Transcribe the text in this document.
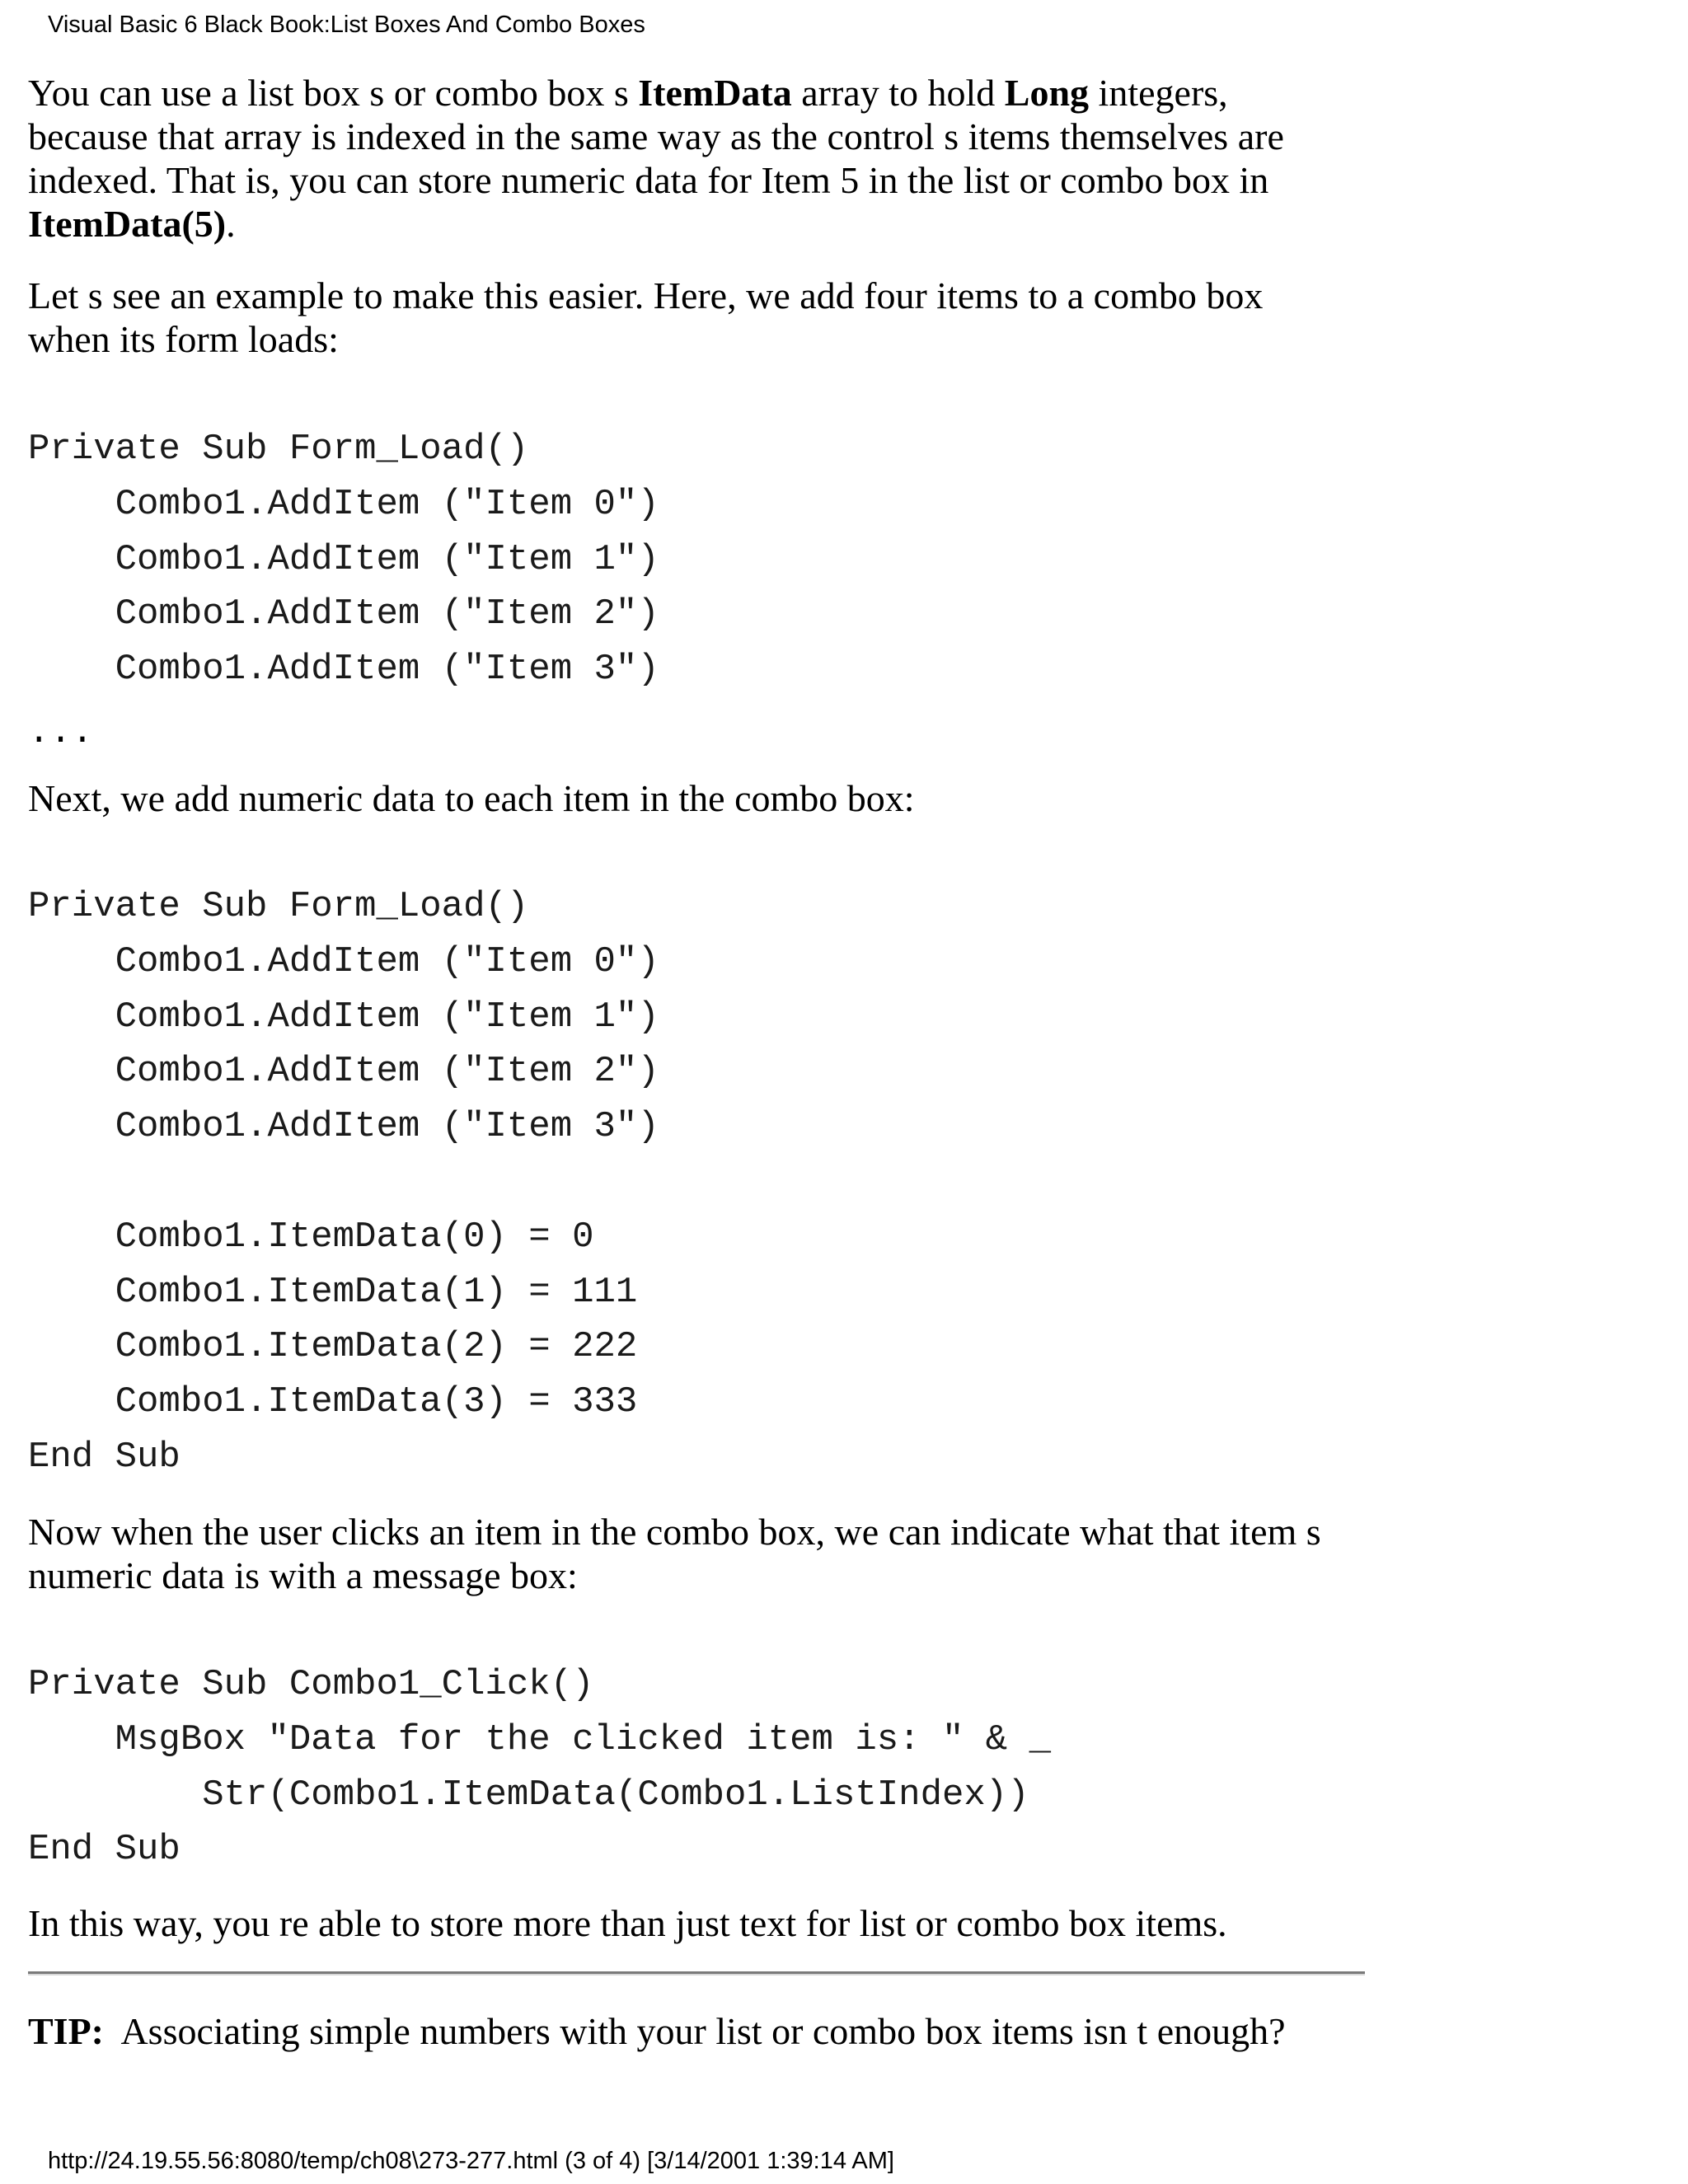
Visual Basic 6 Black Book:List Boxes And Combo Boxes
You can use a list box s or combo box s ItemData array to hold Long integers,
because that array is indexed in the same way as the control s items themselves are
indexed. That is, you can store numeric data for Item 5 in the list or combo box in
ItemData(5).
Let s see an example to make this easier. Here, we add four items to a combo box
when its form loads:
Private Sub Form_Load()
Combo1.AddItem ("Item 0")
Combo1.AddItem ("Item 1")
Combo1.AddItem ("Item 2")
Combo1.AddItem ("Item 3")
...
Next, we add numeric data to each item in the combo box:
Private Sub Form_Load()
Combo1.AddItem ("Item 0")
Combo1.AddItem ("Item 1")
Combo1.AddItem ("Item 2")
Combo1.AddItem ("Item 3")

Combo1.ItemData(0) = 0
Combo1.ItemData(1) = 111
Combo1.ItemData(2) = 222
Combo1.ItemData(3) = 333
End Sub
Now when the user clicks an item in the combo box, we can indicate what that item s
numeric data is with a message box:
Private Sub Combo1_Click()
MsgBox "Data for the clicked item is: " & _
Str(Combo1.ItemData(Combo1.ListIndex))
End Sub
In this way, you re able to store more than just text for list or combo box items.
TIP:  Associating simple numbers with your list or combo box items isn t enough?
http://24.19.55.56:8080/temp/ch08\273-277.html (3 of 4) [3/14/2001 1:39:14 AM]
